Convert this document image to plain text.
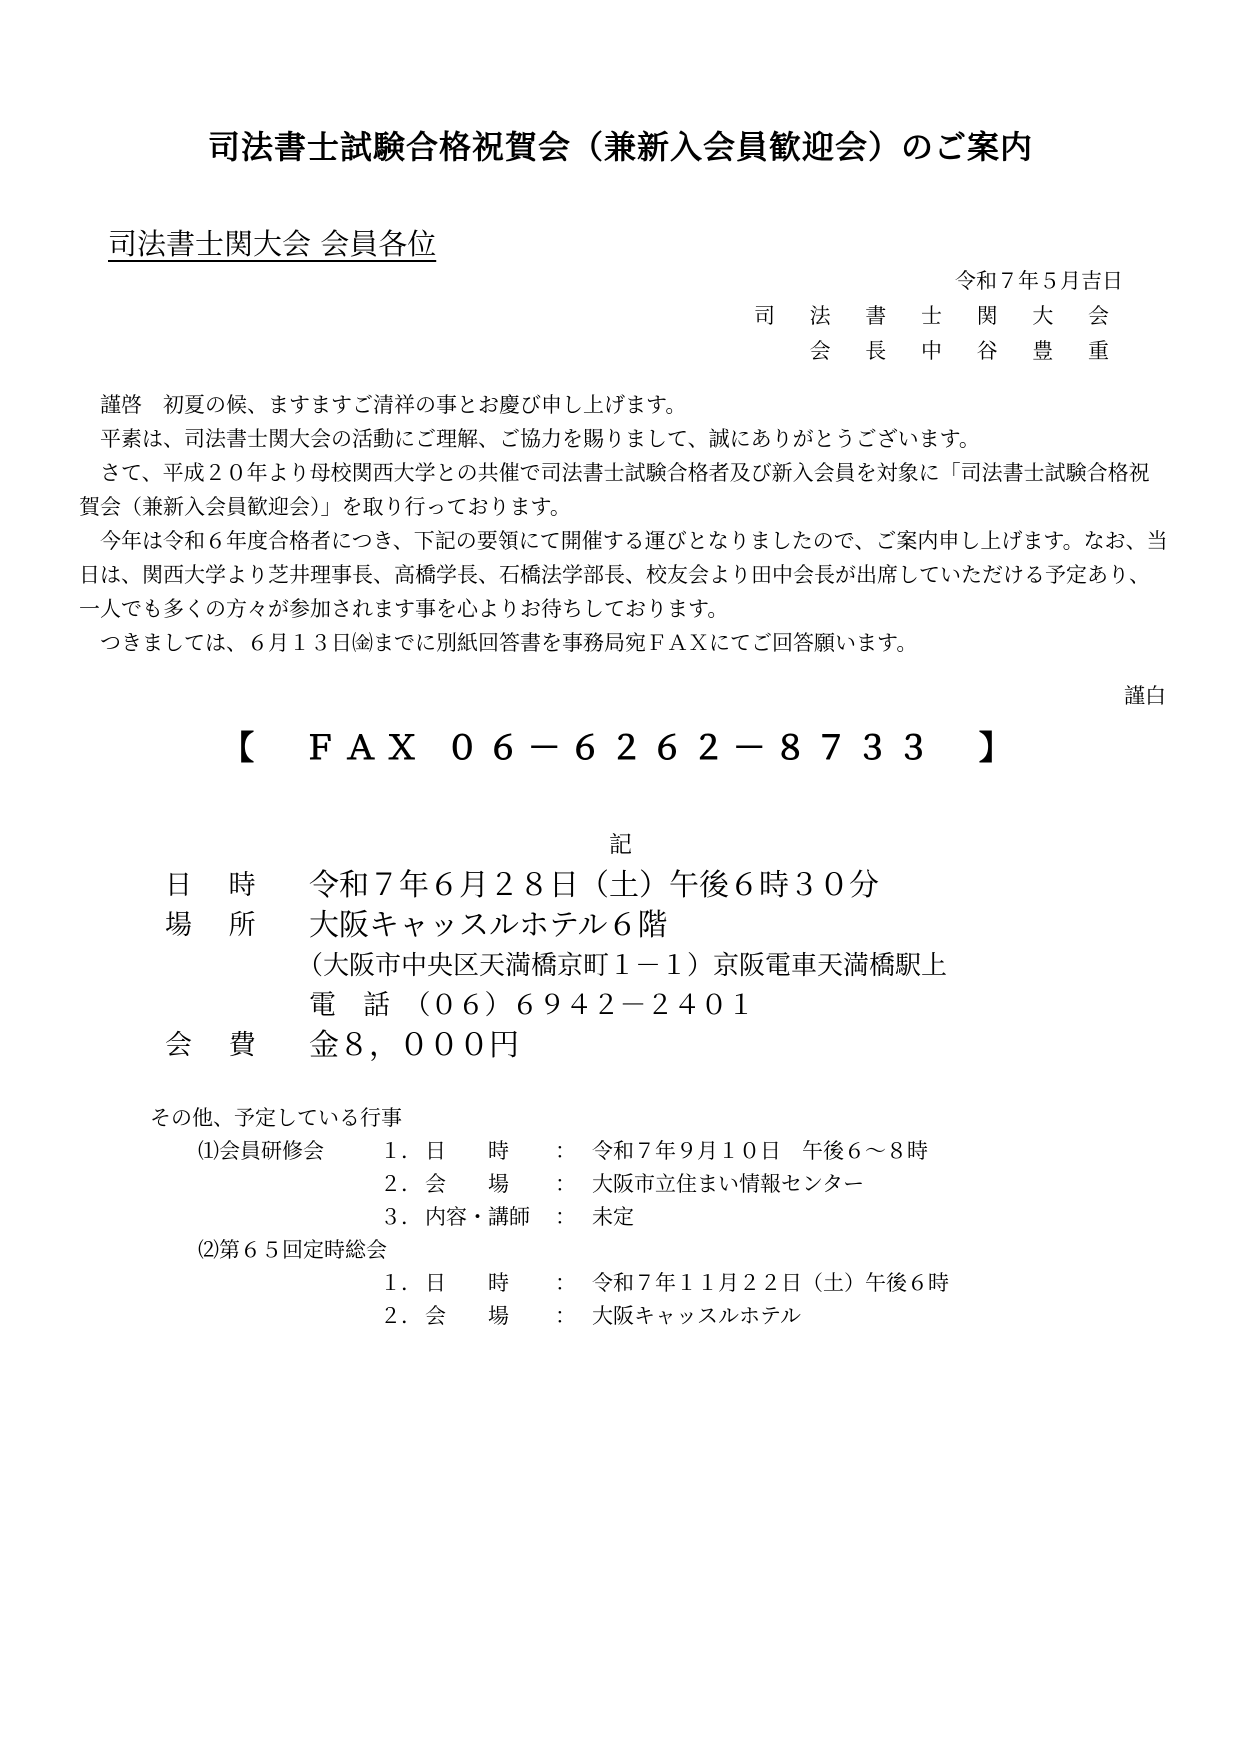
司法書士試験合格祝賀会（兼新入会員歓迎会）のご案内
司法書士関大会 会員各位
令和７年５月吉日
司 法 書 士 関 大 会
会 長 中 谷 豊 重

謹啓　初夏の候、ますますご清祥の事とお慶び申し上げます。

平素は、司法書士関大会の活動にご理解、ご協力を賜りまして、誠にありがとうございます。

さて、平成２０年より母校関西大学との共催で司法書士試験合格者及び新入会員を対象に「司法書士試験合格祝賀会（兼新入会員歓迎会）」を取り行っております。

今年は令和６年度合格者につき、下記の要領にて開催する運びとなりましたので、ご案内申し上げます。なお、当日は、関西大学より芝井理事長、高橋学長、石橋法学部長、校友会より田中会長が出席していただける予定あり、一人でも多くの方々が参加されます事を心よりお待ちしております。

つきましては、６月１３日㈮までに別紙回答書を事務局宛ＦＡＸにてご回答願います。

謹白
【　ＦＡＸ ０６－６２６２－８７３３　】
記
日 時	令和７年６月２８日（土）午後６時３０分
場 所	大阪キャッスルホテル６階
（大阪市中央区天満橋京町１－１）京阪電車天満橋駅上
電　話　（０６）６９４２－２４０１
会 費	金８，０００円
その他、予定している行事
⑴会員研修会	１． 日　　時	： 令和７年９月１０日　午後６～８時
２． 会　　場	： 大阪市立住まい情報センター
３． 内容・講師	： 未定
⑵第６５回定時総会
１． 日　　時	： 令和７年１１月２２日（土）午後６時
２． 会　　場	： 大阪キャッスルホテル
